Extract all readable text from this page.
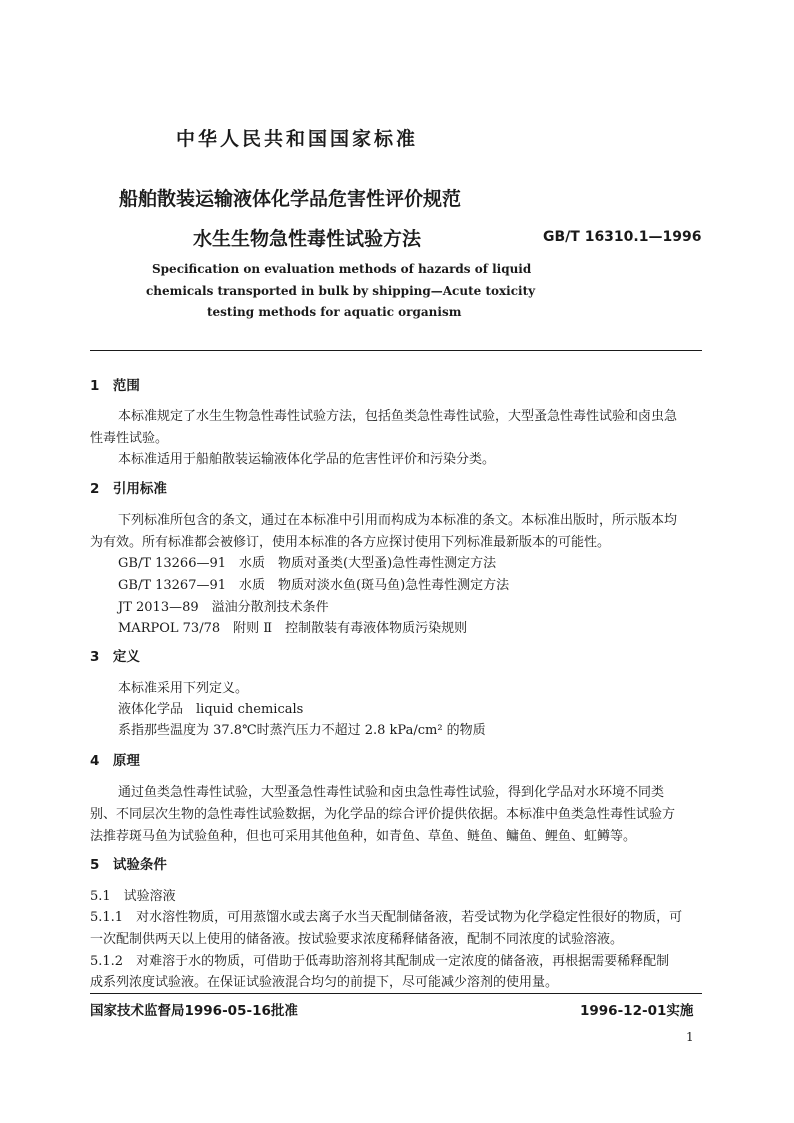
中华人民共和国国家标准
船舶散装运输液体化学品危害性评价规范
水生生物急性毒性试验方法	GB/T 16310.1—1996
Specification on evaluation methods of hazards of liquid
chemicals transported in bulk by shipping—Acute toxicity
testing methods for aquatic organism
1　范围
本标准规定了水生生物急性毒性试验方法，包括鱼类急性毒性试验，大型蚤急性毒性试验和卤虫急
性毒性试验。
本标准适用于船舶散装运输液体化学品的危害性评价和污染分类。
2　引用标准
下列标准所包含的条文，通过在本标准中引用而构成为本标准的条文。本标准出版时，所示版本均
为有效。所有标准都会被修订，使用本标准的各方应探讨使用下列标准最新版本的可能性。
GB/T 13266—91　水质　物质对蚤类(大型蚤)急性毒性测定方法
GB/T 13267—91　水质　物质对淡水鱼(斑马鱼)急性毒性测定方法
JT 2013—89　溢油分散剂技术条件
MARPOL 73/78　附则 Ⅱ　控制散装有毒液体物质污染规则
3　定义
本标准采用下列定义。
液体化学品　liquid chemicals
系指那些温度为 37.8℃时蒸汽压力不超过 2.8 kPa/cm² 的物质
4　原理
通过鱼类急性毒性试验，大型蚤急性毒性试验和卤虫急性毒性试验，得到化学品对水环境不同类
别、不同层次生物的急性毒性试验数据，为化学品的综合评价提供依据。本标准中鱼类急性毒性试验方
法推荐斑马鱼为试验鱼种，但也可采用其他鱼种，如青鱼、草鱼、鲢鱼、鳙鱼、鲤鱼、虹鳟等。
5　试验条件
5.1　试验溶液
5.1.1　对水溶性物质，可用蒸馏水或去离子水当天配制储备液，若受试物为化学稳定性很好的物质，可
一次配制供两天以上使用的储备液。按试验要求浓度稀释储备液，配制不同浓度的试验溶液。
5.1.2　对难溶于水的物质，可借助于低毒助溶剂将其配制成一定浓度的储备液，再根据需要稀释配制
成系列浓度试验液。在保证试验液混合均匀的前提下，尽可能减少溶剂的使用量。
国家技术监督局1996-05-16批准	1996-12-01实施
1
